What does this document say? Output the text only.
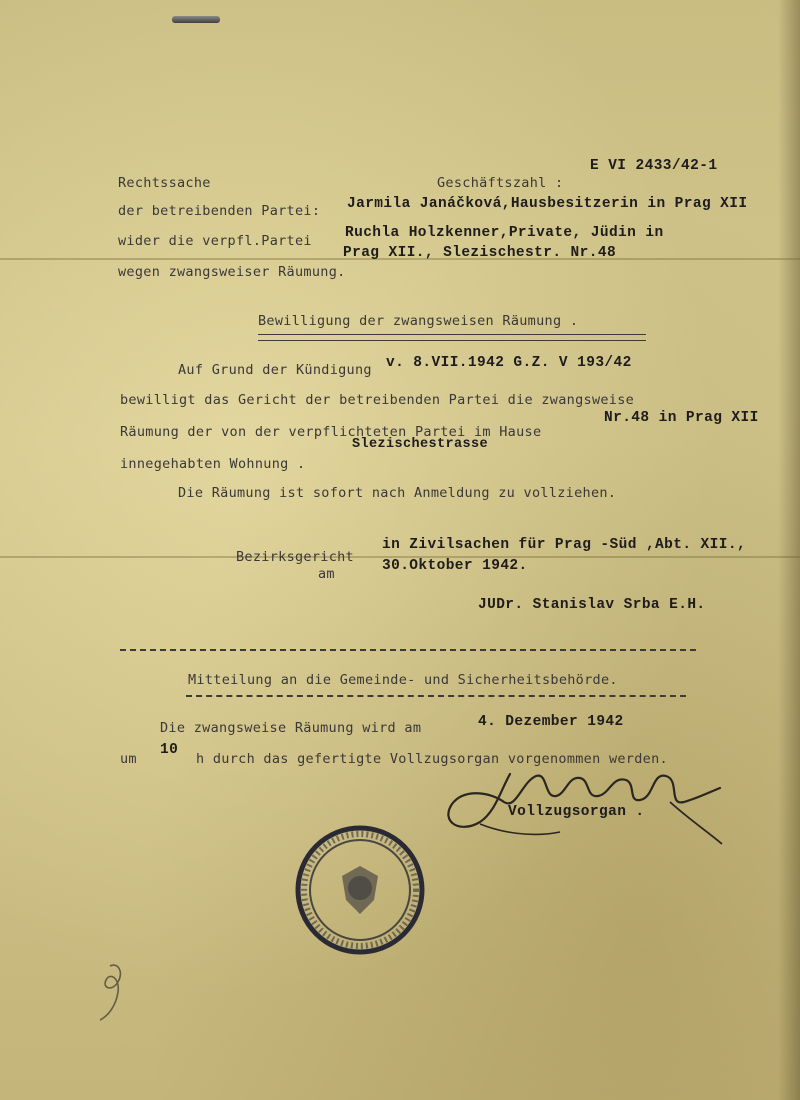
E VI 2433/42-1
Rechtssache	Geschäftszahl :
der betreibenden Partei: Jarmila Janáčková,Hausbesitzerin in Prag XII
wider die verpfl.Partei Ruchla Holzkenner,Private, Jüdin in
Prag XII., Slezischestr. Nr.48
wegen zwangsweiser Räumung.
Bewilligung der zwangsweisen Räumung .
Auf Grund der Kündigung v. 8.VII.1942 G.Z. V 193/42
bewilligt das Gericht der betreibenden Partei die zwangsweise
Räumung der von der verpflichteten Partei im Hause
Nr.48 in Prag XII
Slezischestrasse
innegehabten Wohnung .
Die Räumung ist sofort nach Anmeldung zu vollziehen.
Bezirksgericht
am
in Zivilsachen für Prag -Süd ,Abt. XII.,
30.Oktober 1942.
JUDr. Stanislav Srba E.H.
Mitteilung an die Gemeinde- und Sicherheitsbehörde.
Die zwangsweise Räumung wird am	4. Dezember 1942
um
10
h durch das gefertigte Vollzugsorgan vorgenommen werden.
Vollzugsorgan .
